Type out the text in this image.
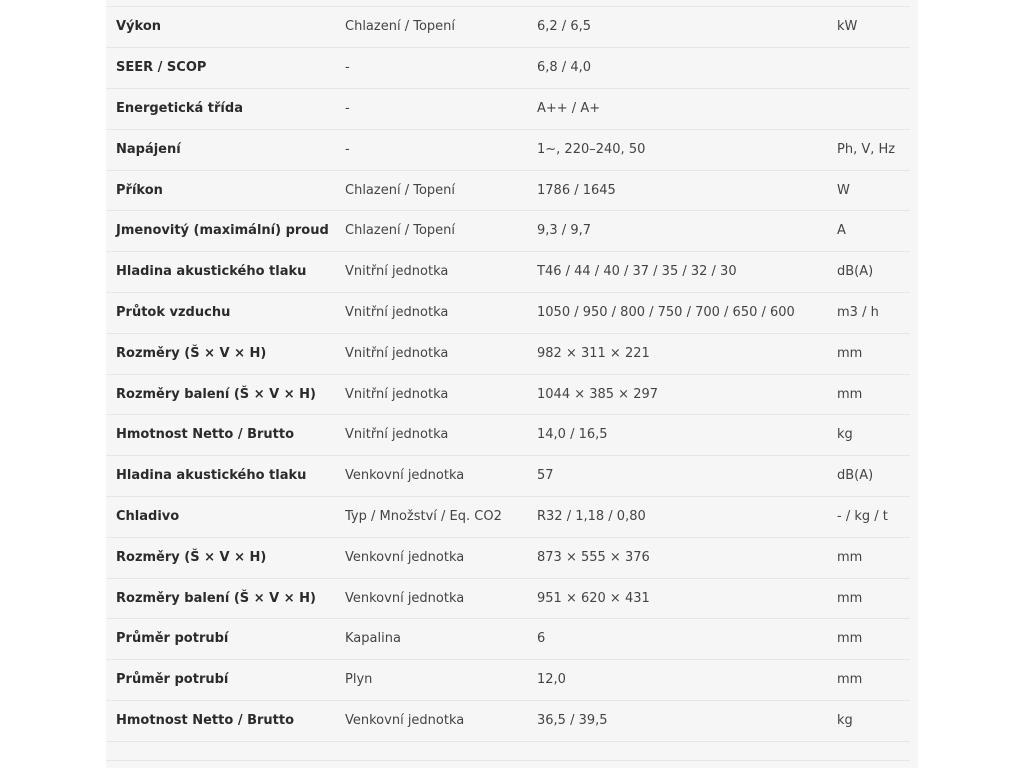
Výkon	Chlazení / Topení	6,2 / 6,5	kW
SEER / SCOP	-	6,8 / 4,0	
Energetická třída	-	A++ / A+	
Napájení	-	1~, 220–240, 50	Ph, V, Hz
Příkon	Chlazení / Topení	1786 / 1645	W
Jmenovitý (maximální) proud	Chlazení / Topení	9,3 / 9,7	A
Hladina akustického tlaku	Vnitřní jednotka	T46 / 44 / 40 / 37 / 35 / 32 / 30	dB(A)
Průtok vzduchu	Vnitřní jednotka	1050 / 950 / 800 / 750 / 700 / 650 / 600	m3 / h
Rozměry (Š × V × H)	Vnitřní jednotka	982 × 311 × 221	mm
Rozměry balení (Š × V × H)	Vnitřní jednotka	1044 × 385 × 297	mm
Hmotnost Netto / Brutto	Vnitřní jednotka	14,0 / 16,5	kg
Hladina akustického tlaku	Venkovní jednotka	57	dB(A)
Chladivo	Typ / Množství / Eq. CO2	R32 / 1,18 / 0,80	- / kg / t
Rozměry (Š × V × H)	Venkovní jednotka	873 × 555 × 376	mm
Rozměry balení (Š × V × H)	Venkovní jednotka	951 × 620 × 431	mm
Průměr potrubí	Kapalina	6	mm
Průměr potrubí	Plyn	12,0	mm
Hmotnost Netto / Brutto	Venkovní jednotka	36,5 / 39,5	kg
